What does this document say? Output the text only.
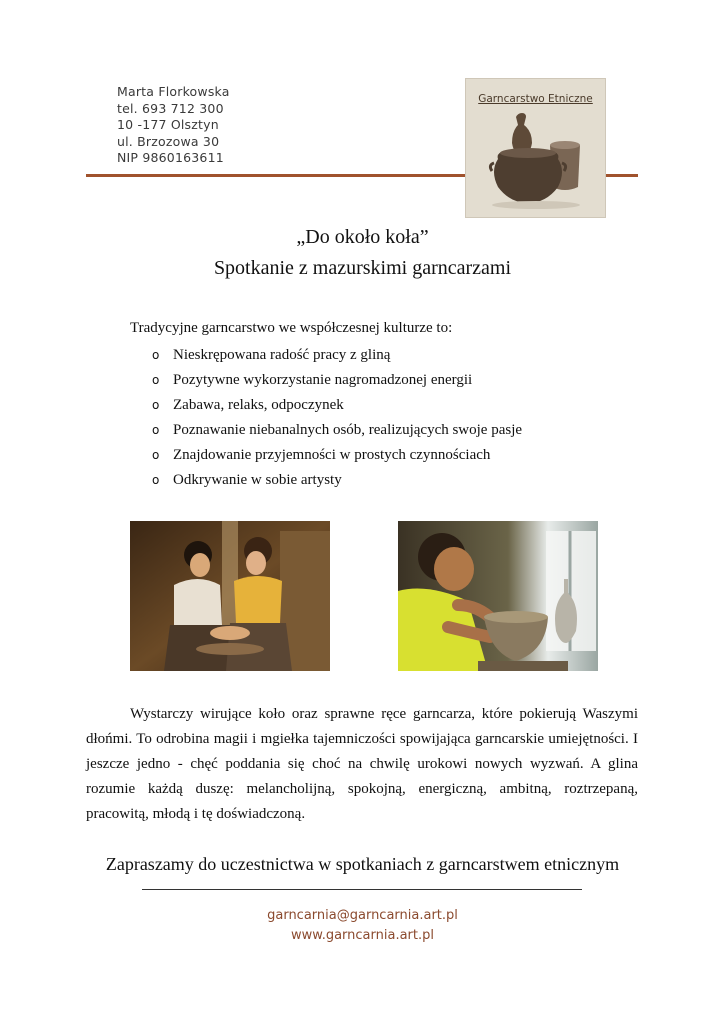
Marta Florkowska
tel. 693 712 300
10 -177 Olsztyn
ul. Brzozowa 30
NIP 9860163611
Garncarstwo Etniczne
„Do około koła”
Spotkanie z mazurskimi garncarzami
Tradycyjne garncarstwo we współczesnej kulturze to:
o Nieskrępowana radość pracy z gliną
o Pozytywne wykorzystanie nagromadzonej energii
o Zabawa, relaks, odpoczynek
o Poznawanie niebanalnych osób, realizujących swoje pasje
o Znajdowanie przyjemności w prostych czynnościach
o Odkrywanie w sobie artysty

Wystarczy wirujące koło oraz sprawne ręce garncarza, które pokierują Waszymi dłońmi. To odrobina magii i mgiełka tajemniczości spowijająca garncarskie umiejętności. I jeszcze jedno - chęć poddania się choć na chwilę urokowi nowych wyzwań. A glina rozumie każdą duszę: melancholijną, spokojną, energiczną, ambitną, roztrzepaną, pracowitą, młodą i tę doświadczoną.

Zapraszamy do uczestnictwa w spotkaniach z garncarstwem etnicznym
garncarnia@garncarnia.art.pl
www.garncarnia.art.pl
